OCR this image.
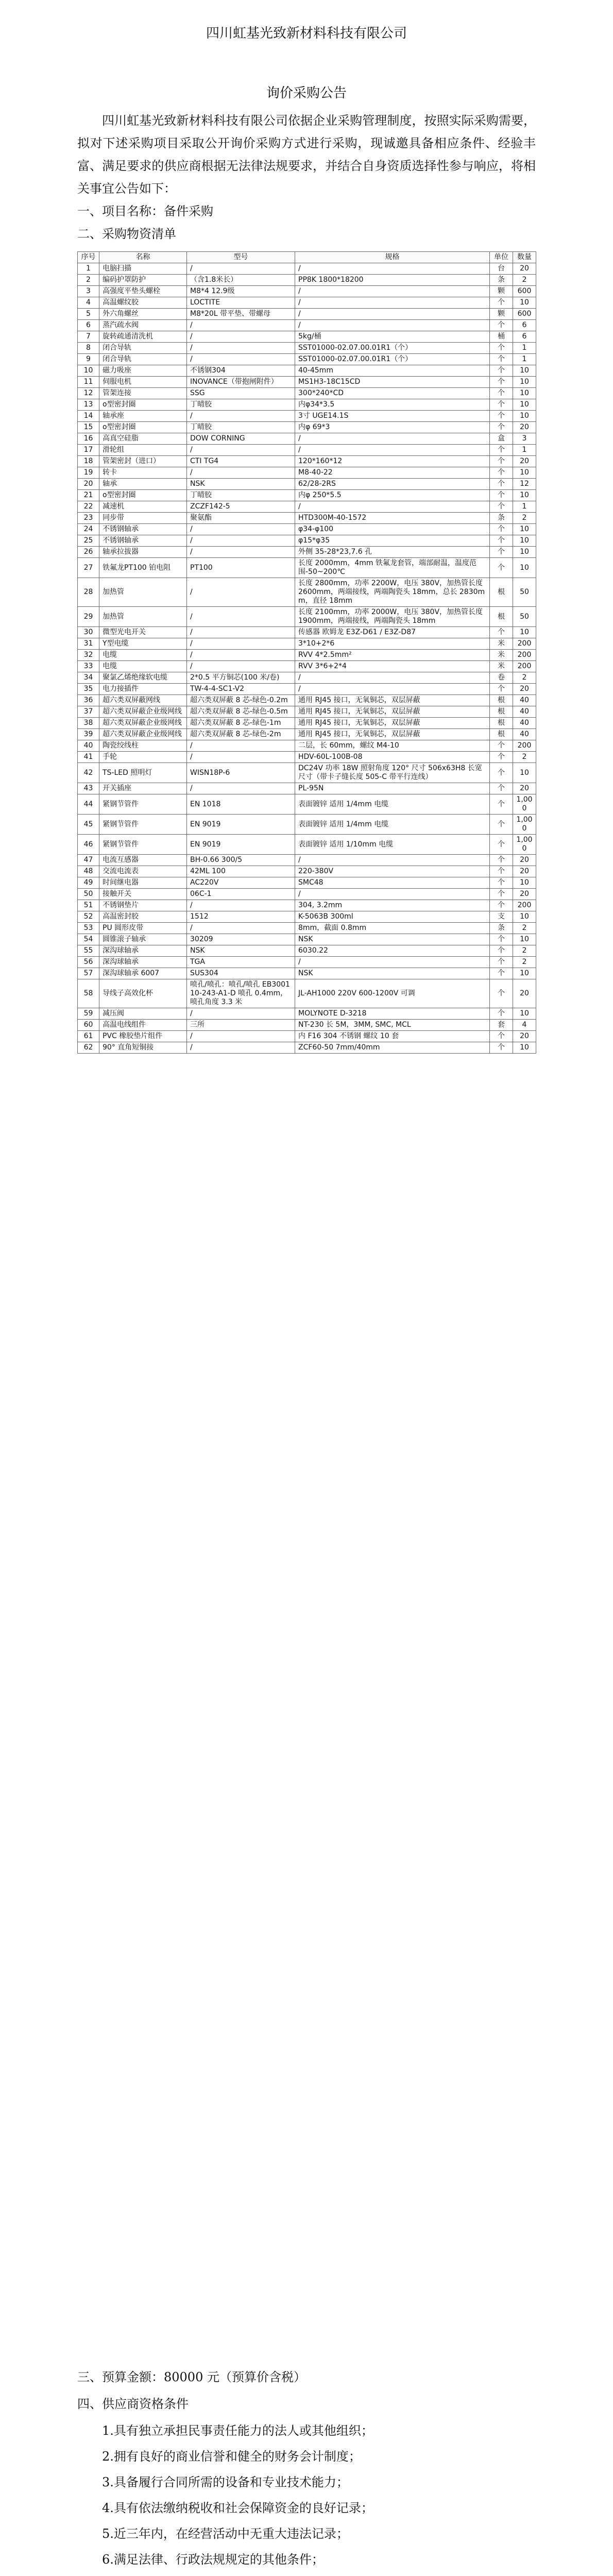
四川虹基光致新材料科技有限公司
询价采购公告
四川虹基光致新材料科技有限公司依据企业采购管理制度，按照实际采购需要，拟对下述采购项目采取公开询价采购方式进行采购，现诚邀具备相应条件、经验丰富、满足要求的供应商根据无法律法规要求，并结合自身资质选择性参与响应，将相关事宜公告如下：
一、项目名称：备件采购
二、采购物资清单
序号	名称	型号	规格	单位	数量
1	电脑扫描	/	/	台	20
2	编码护罩防护	（含1.8米长）	PP8K 1800*18200	条	2
3	高强度平垫头螺栓	M8*4 12.9级	/	颗	600
4	高温螺纹胶	LOCTITE	/	个	10
5	外六角螺丝	M8*20L 带平垫、带螺母	/	颗	600
6	蒸汽疏水阀	/	/	个	6
7	旋转疏通清洗机	/	5kg/桶	桶	6
8	闭合导轨	/	SST01000-02.07.00.01R1（个）	个	1
9	闭合导轨	/	SST01000-02.07.00.01R1（个）	个	1
10	磁力吸座	不锈钢304	40-45mm	个	10
11	伺服电机	INOVANCE（带抱闸附件）	MS1H3-18C15CD	个	10
12	管架连接	SSG	300*240*CD	个	10
13	o型密封圈	丁晴胶	内φ34*3.5	个	10
14	轴承座	/	3寸 UGE14.1S	个	10
15	o型密封圈	丁晴胶	内φ 69*3	个	20
16	高真空硅脂	DOW CORNING	/	盒	3
17	滑轮组	/	/	个	1
18	管架密封（进口）	CTI TG4	120*160*12	个	20
19	转卡	/	M8-40-22	个	10
20	轴承	NSK	62/28-2RS	个	12
21	o型密封圈	丁晴胶	内φ 250*5.5	个	10
22	减速机	ZCZF142-5	/	个	1
23	同步带	聚氨酯	HTD300M-40-1572	条	2
24	不锈钢轴承	/	φ34-φ100	个	10
25	不锈钢轴承	/	φ15*φ35	个	10
26	轴承拉拔器	/	外侧 35-28*23,7.6 孔	个	10
27	铁氟龙PT100 铂电阻	PT100	长度 2000mm，4mm 铁氟龙套管，端部耐温，温度范围-50~200℃	个	10
28	加热管	/	长度 2800mm，功率 2200W，电压 380V，加热管长度 2600mm，两端接线，两端陶瓷头 18mm，总长 2830mm，直径 18mm	根	50
29	加热管	/	长度 2100mm，功率 2000W，电压 380V，加热管长度 1900mm，两端接线，两端陶瓷头 18mm	根	50
30	微型光电开关	/	传感器 欧姆龙 E3Z-D61 / E3Z-D87	个	10
31	Y型电缆	/	3*10+2*6	米	200
32	电缆	/	RVV 4*2.5mm²	米	200
33	电缆	/	RVV 3*6+2*4	米	200
34	聚氯乙烯绝缘软电缆	2*0.5 平方铜芯(100 米/卷)	/	卷	2
35	电力接插件	TW-4-4-SC1-V2	/	个	20
36	超六类双屏蔽网线	超六类双屏蔽 8 芯-绿色-0.2m	通用 RJ45 接口，无氧铜芯，双层屏蔽	根	40
37	超六类双屏蔽企业级网线	超六类双屏蔽 8 芯-绿色-0.5m	通用 RJ45 接口，无氧铜芯，双层屏蔽	根	40
38	超六类双屏蔽企业级网线	超六类双屏蔽 8 芯-绿色-1m	通用 RJ45 接口，无氧铜芯，双层屏蔽	根	40
39	超六类双屏蔽企业级网线	超六类双屏蔽 8 芯-绿色-2m	通用 RJ45 接口，无氧铜芯，双层屏蔽	根	40
40	陶瓷绞线柱	/	二层，长 60mm，螺纹 M4-10	个	200
41	手轮	/	HDV-60L-100B-08	个	2
42	TS-LED 照明灯	WISN18P-6	DC24V 功率 18W 照射角度 120° 尺寸 506x63H8 长宽尺寸（带卡子缝长度 505-C 带平行连线）	个	10
43	开关插座	/	PL-95N	个	20
44	紧钢节管件	EN 1018	表面镀锌 适用 1/4mm 电缆	个	1,000
45	紧钢节管件	EN 9019	表面镀锌 适用 1/4mm 电缆	个	1,000
46	紧钢节管件	EN 9019	表面镀锌 适用 1/10mm 电缆	个	1,000
47	电流互感器	BH-0.66 300/5	/	个	20
48	交流电流表	42ML 100	220-380V	个	20
49	时间继电器	AC220V	SMC48	个	10
50	接触开关	06C-1	/	个	20
51	不锈钢垫片	/	304, 3.2mm	个	200
52	高温密封胶	1512	K-5063B 300ml	支	10
53	PU 圆形皮带	/	8mm，截面 0.8mm	条	2
54	圆锥滚子轴承	30209	NSK	个	10
55	深沟球轴承	NSK	6030.22	个	2
56	深沟球轴承	TGA	/	个	2
57	深沟球轴承 6007	SUS304	NSK	个	10
58	导线子高效化杯	喷孔/喷孔：喷孔/喷孔 EB300110-243-A1-D 喷孔 0.4mm，喷孔角度 3.3 米	JL-AH1000 220V 600-1200V 可调	个	20
59	减压阀	/	MOLYNOTE D-3218	个	10
60	高温电线组件	三所	NT-230 长 5M，3MM, SMC, MCL	套	4
61	PVC 橡胶垫片组件	/	内 F16 304 不锈钢 螺纹 10 套	个	20
62	90° 直角短铜接	/	ZCF60-50 7mm/40mm	个	10
三、预算金额：80000 元（预算价含税）
四、供应商资格条件
1.具有独立承担民事责任能力的法人或其他组织；
2.拥有良好的商业信誉和健全的财务会计制度；
3.具备履行合同所需的设备和专业技术能力；
4.具有依法缴纳税收和社会保障资金的良好记录；
5.近三年内，在经营活动中无重大违法记录；
6.满足法律、行政法规规定的其他条件；
